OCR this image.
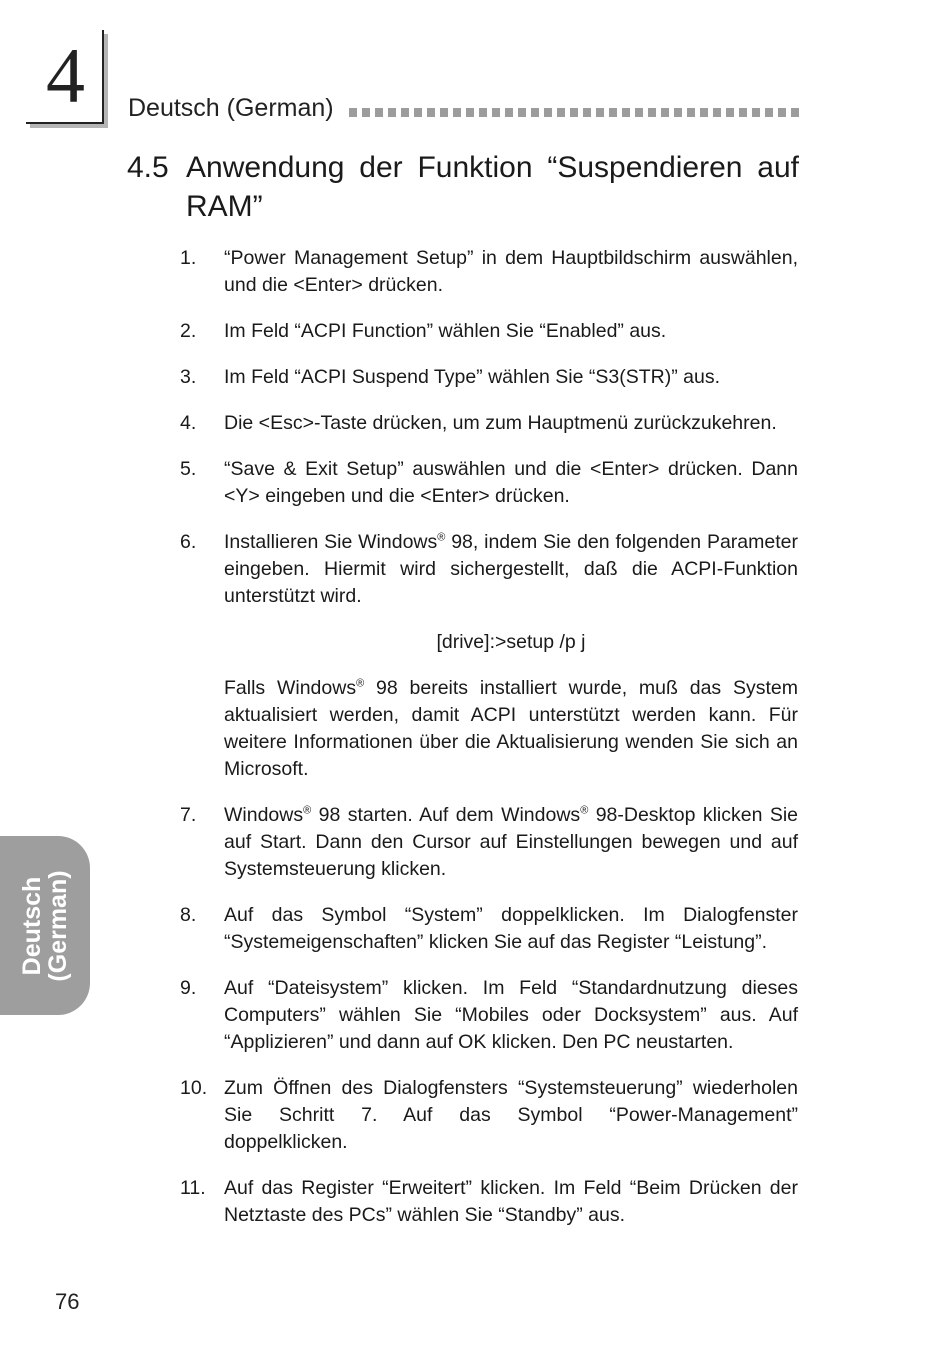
4 Deutsch (German)
4.5 Anwendung der Funktion “Suspendieren auf
RAM”
Deutsch
(German)
1. “Power Management Setup” in dem Hauptbildschirm auswählen, und die <Enter> drücken.
2. Im Feld “ACPI Function” wählen Sie “Enabled” aus.
3. Im Feld “ACPI Suspend Type” wählen Sie “S3(STR)” aus.
4. Die <Esc>-Taste drücken, um zum Hauptmenü zurückzukehren.
5. “Save & Exit Setup” auswählen und die <Enter> drücken. Dann <Y> eingeben und die <Enter> drücken.
6. Installieren Sie Windows® 98, indem Sie den folgenden Parameter eingeben. Hiermit wird sichergestellt, daß die ACPI-Funktion unterstützt wird.
[drive]:>setup /p j
Falls Windows® 98 bereits installiert wurde, muß das System aktualisiert werden, damit ACPI unterstützt werden kann. Für weitere Informationen über die Aktualisierung wenden Sie sich an Microsoft.
7. Windows® 98 starten. Auf dem Windows® 98-Desktop klicken Sie auf Start. Dann den Cursor auf Einstellungen bewegen und auf Systemsteuerung klicken.
8. Auf das Symbol “System” doppelklicken. Im Dialogfenster “Systemeigenschaften” klicken Sie auf das Register “Leistung”.
9. Auf “Dateisystem” klicken. Im Feld “Standardnutzung dieses Computers” wählen Sie “Mobiles oder Docksystem” aus. Auf “Applizieren” und dann auf OK klicken. Den PC neustarten.
10. Zum Öffnen des Dialogfensters “Systemsteuerung” wiederholen Sie Schritt 7. Auf das Symbol “Power-Management” doppelklicken.
11. Auf das Register “Erweitert” klicken. Im Feld “Beim Drücken der Netztaste des PCs” wählen Sie “Standby” aus.
76
